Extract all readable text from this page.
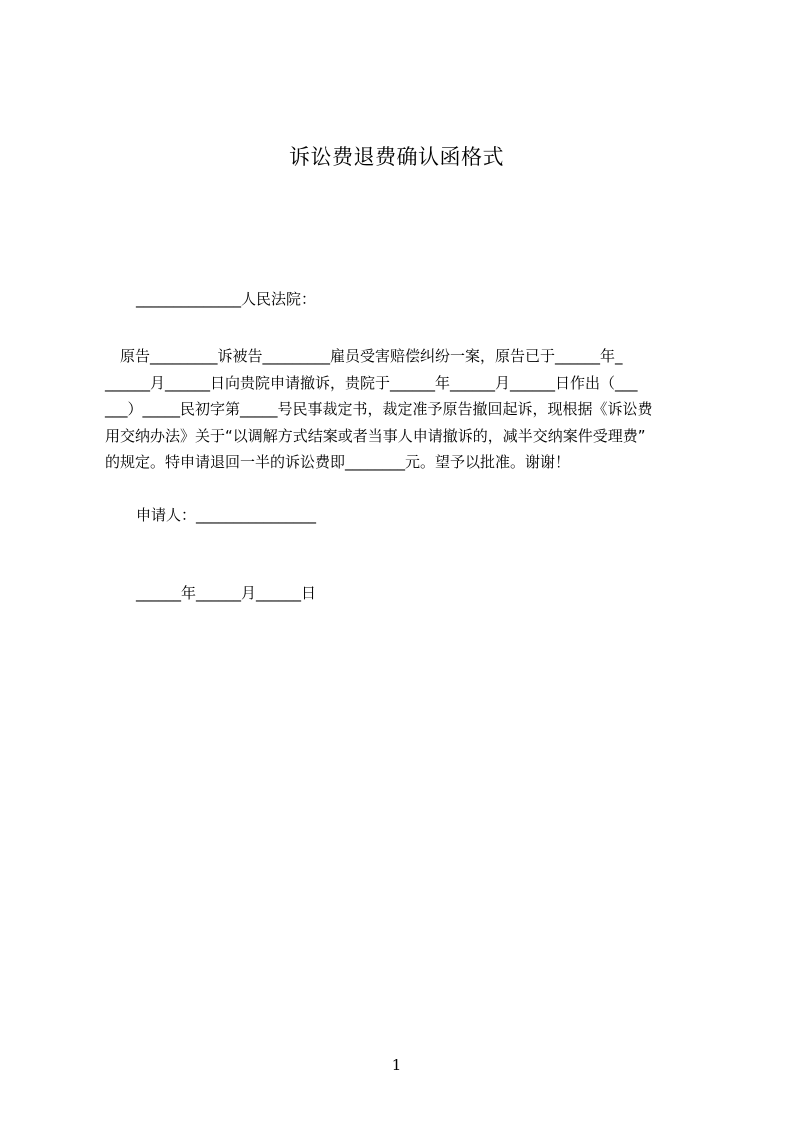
诉讼费退费确认函格式
______________人民法院：
　原告_________诉被告_________雇员受害赔偿纠纷一案，原告已于______年_
______月______日向贵院申请撤诉，贵院于______年______月______日作出（___
___）_____民初字第_____号民事裁定书，裁定准予原告撤回起诉，现根据《诉讼费
用交纳办法》关于“以调解方式结案或者当事人申请撤诉的，减半交纳案件受理费”
的规定。特申请退回一半的诉讼费即________元。望予以批准。谢谢！
申请人：________________
______年______月______日
1
